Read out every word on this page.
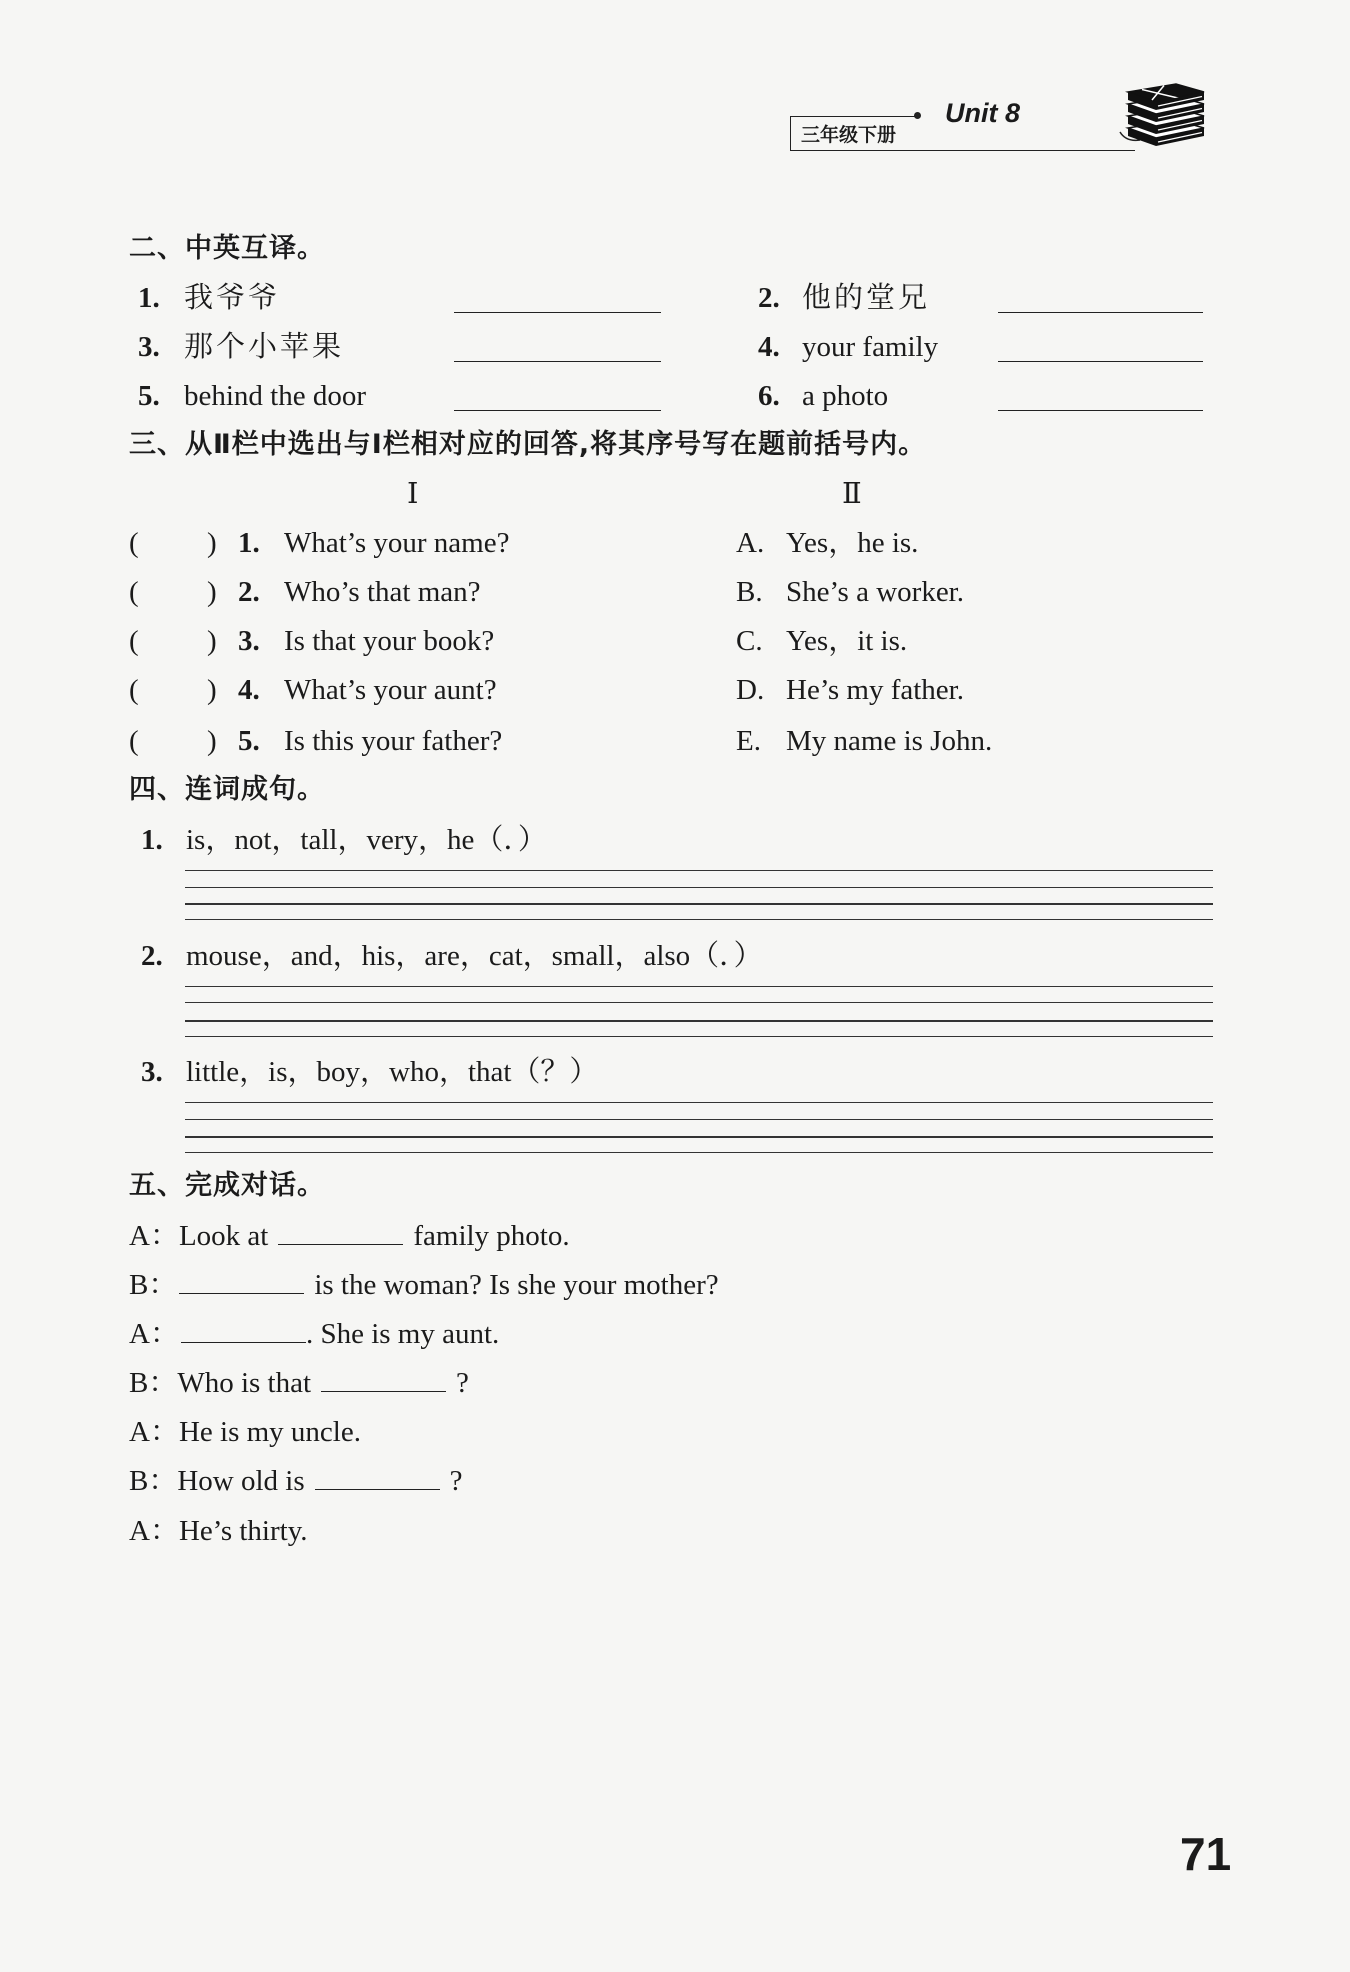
三年级下册
Unit 8
二、中英互译。
1. 我爷爷	2. 他的堂兄
3. 那个小苹果	4. your family
5. behind the door	6. a photo
三、从Ⅱ栏中选出与Ⅰ栏相对应的回答,将其序号写在题前括号内。
Ⅰ	Ⅱ
( ) 1. What’s your name?	A. Yes，he is.
( ) 2. Who’s that man?	B. She’s a worker.
( ) 3. Is that your book?	C. Yes，it is.
( ) 4. What’s your aunt?	D. He’s my father.
( ) 5. Is this your father?	E. My name is John.
四、连词成句。
1. is，not，tall，very，he（．）
2. mouse，and，his，are，cat，small，also（．）
3. little，is，boy，who，that（？）
五、完成对话。
A：Look at	family photo.
B：	is the woman? Is she your mother?
A：	. She is my aunt.
B：Who is that	?
A：He is my uncle.
B：How old is	?
A：He’s thirty.
71
